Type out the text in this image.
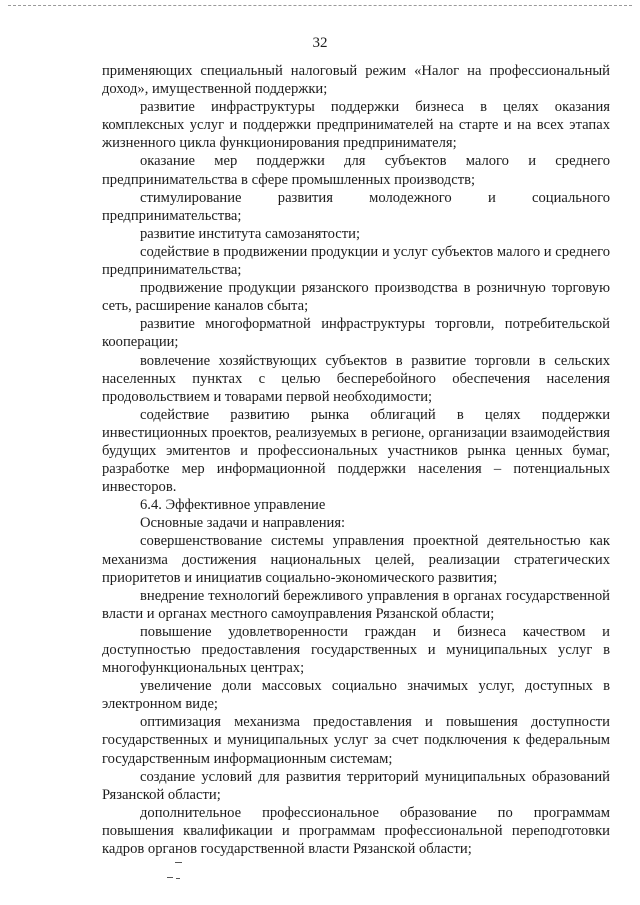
32

применяющих специальный налоговый режим «Налог на профессиональный доход», имущественной поддержки;

развитие инфраструктуры поддержки бизнеса в целях оказания комплексных услуг и поддержки предпринимателей на старте и на всех этапах жизненного цикла функционирования предпринимателя;

оказание мер поддержки для субъектов малого и среднего предпринимательства в сфере промышленных производств;

стимулирование развития молодежного и социального предпринимательства;

развитие института самозанятости;

содействие в продвижении продукции и услуг субъектов малого и среднего предпринимательства;

продвижение продукции рязанского производства в розничную торговую сеть, расширение каналов сбыта;

развитие многоформатной инфраструктуры торговли, потребительской кооперации;

вовлечение хозяйствующих субъектов в развитие торговли в сельских населенных пунктах с целью бесперебойного обеспечения населения продовольствием и товарами первой необходимости;

содействие развитию рынка облигаций в целях поддержки инвестиционных проектов, реализуемых в регионе, организации взаимодействия будущих эмитентов и профессиональных участников рынка ценных бумаг, разработке мер информационной поддержки населения – потенциальных инвесторов.

6.4. Эффективное управление

Основные задачи и направления:

совершенствование системы управления проектной деятельностью как механизма достижения национальных целей, реализации стратегических приоритетов и инициатив социально-экономического развития;

внедрение технологий бережливого управления в органах государственной власти и органах местного самоуправления Рязанской области;

повышение удовлетворенности граждан и бизнеса качеством и доступностью предоставления государственных и муниципальных услуг в многофункциональных центрах;

увеличение доли массовых социально значимых услуг, доступных в электронном виде;

оптимизация механизма предоставления и повышения доступности государственных и муниципальных услуг за счет подключения к федеральным государственным информационным системам;

создание условий для развития территорий муниципальных образований Рязанской области;

дополнительное профессиональное образование по программам повышения квалификации и программам профессиональной переподготовки кадров органов государственной власти Рязанской области;
